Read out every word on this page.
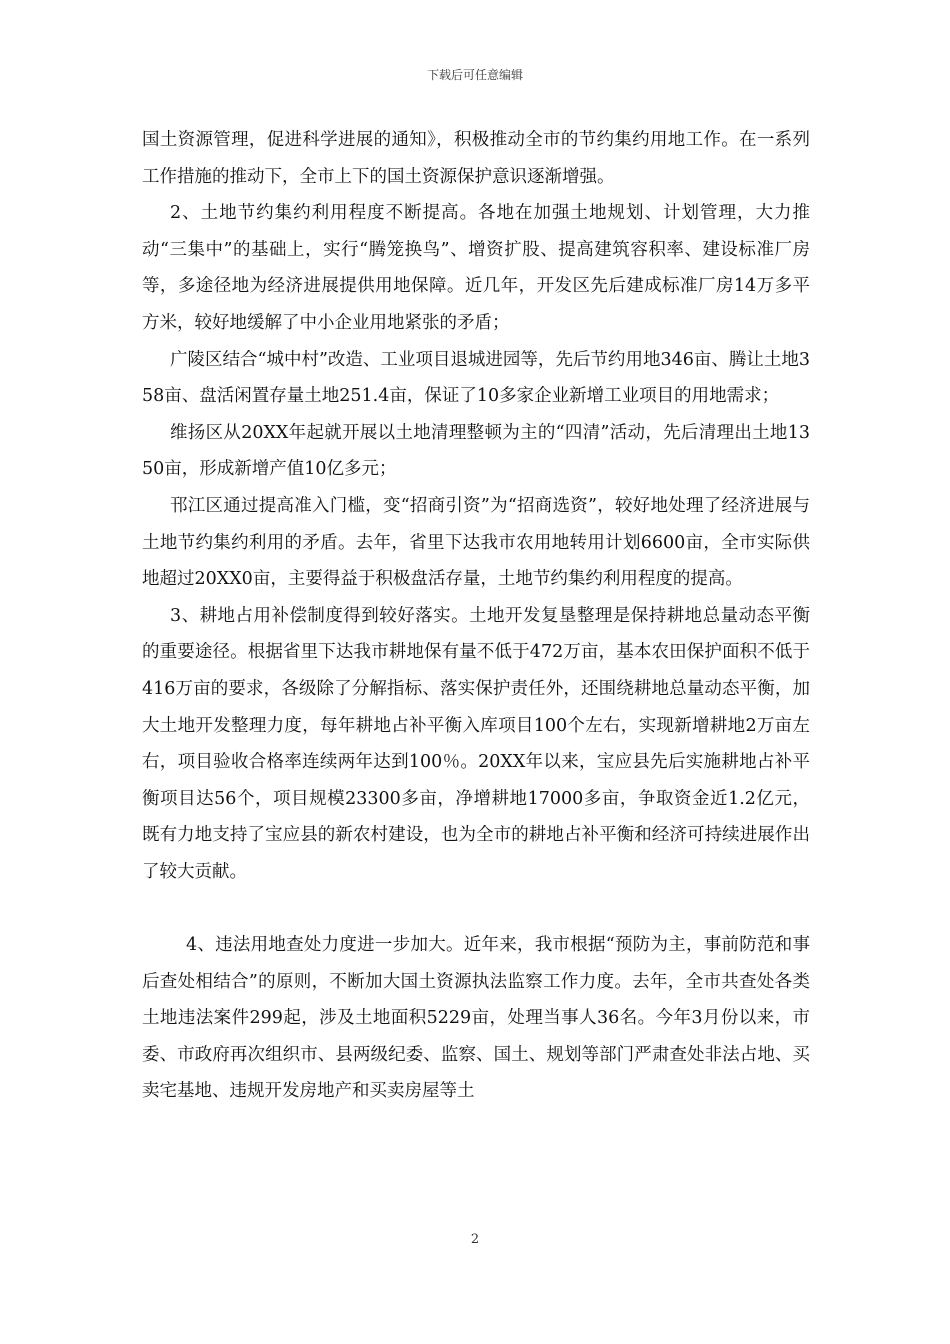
下载后可任意编辑

国土资源管理，促进科学进展的通知》，积极推动全市的节约集约用地工作。在一系列工作措施的推动下，全市上下的国土资源保护意识逐渐增强。

2、土地节约集约利用程度不断提高。各地在加强土地规划、计划管理，大力推动“三集中”的基础上，实行“腾笼换鸟”、增资扩股、提高建筑容积率、建设标准厂房等，多途径地为经济进展提供用地保障。近几年，开发区先后建成标准厂房14万多平方米，较好地缓解了中小企业用地紧张的矛盾；

广陵区结合“城中村”改造、工业项目退城进园等，先后节约用地346亩、腾让土地358亩、盘活闲置存量土地251.4亩，保证了10多家企业新增工业项目的用地需求；

维扬区从20XX年起就开展以土地清理整顿为主的“四清”活动，先后清理出土地1350亩，形成新增产值10亿多元；

邗江区通过提高准入门槛，变“招商引资”为“招商选资”，较好地处理了经济进展与土地节约集约利用的矛盾。去年，省里下达我市农用地转用计划6600亩，全市实际供地超过20XX0亩，主要得益于积极盘活存量，土地节约集约利用程度的提高。

3、耕地占用补偿制度得到较好落实。土地开发复垦整理是保持耕地总量动态平衡的重要途径。根据省里下达我市耕地保有量不低于472万亩，基本农田保护面积不低于416万亩的要求，各级除了分解指标、落实保护责任外，还围绕耕地总量动态平衡，加大土地开发整理力度，每年耕地占补平衡入库项目100个左右，实现新增耕地2万亩左右，项目验收合格率连续两年达到100％。20XX年以来，宝应县先后实施耕地占补平衡项目达56个，项目规模23300多亩，净增耕地17000多亩，争取资金近1.2亿元，既有力地支持了宝应县的新农村建设，也为全市的耕地占补平衡和经济可持续进展作出了较大贡献。

4、违法用地查处力度进一步加大。近年来，我市根据“预防为主，事前防范和事后查处相结合”的原则，不断加大国土资源执法监察工作力度。去年，全市共查处各类土地违法案件299起，涉及土地面积5229亩，处理当事人36名。今年3月份以来，市委、市政府再次组织市、县两级纪委、监察、国土、规划等部门严肃查处非法占地、买卖宅基地、违规开发房地产和买卖房屋等土

2
